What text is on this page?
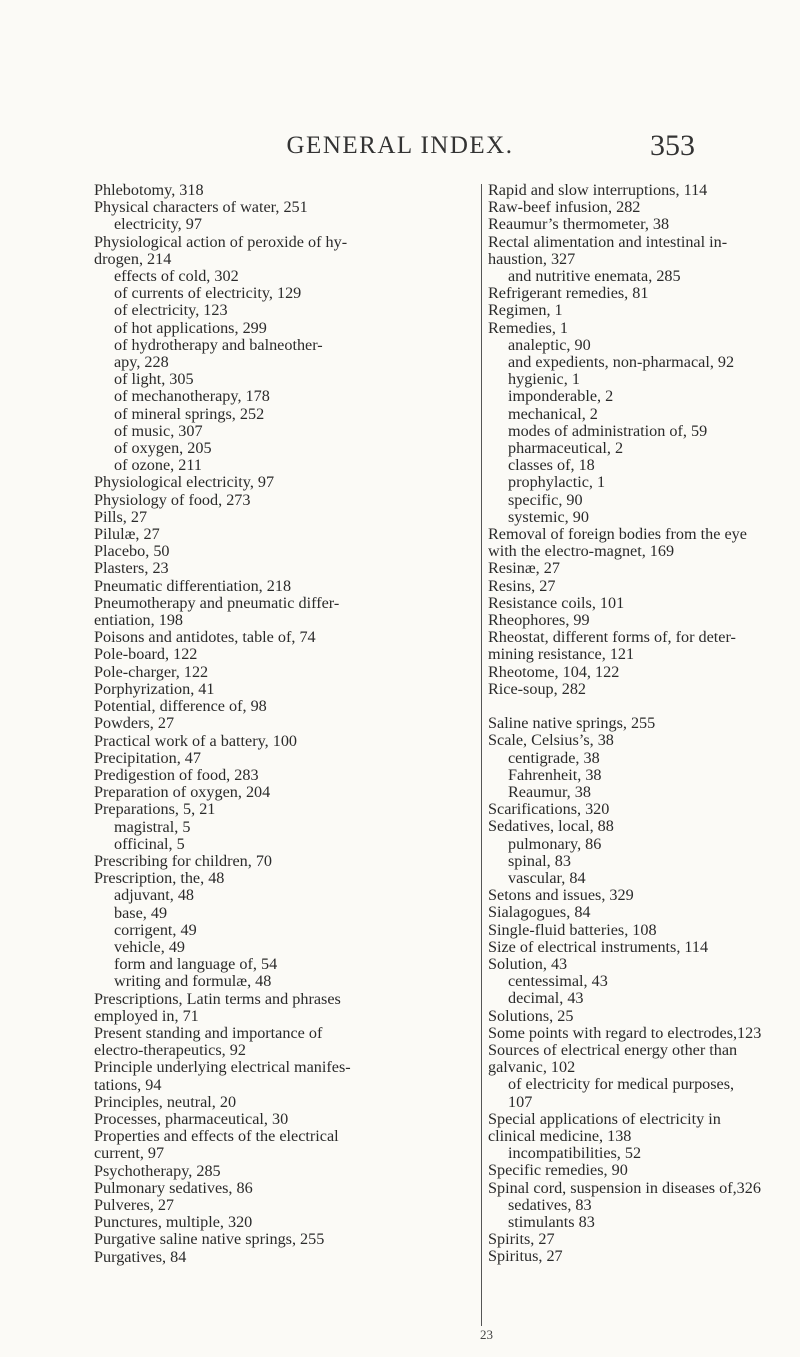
GENERAL INDEX.	353
Phlebotomy, 318
Physical characters of water, 251
electricity, 97
Physiological action of peroxide of hy-
drogen, 214
effects of cold, 302
of currents of electricity, 129
of electricity, 123
of hot applications, 299
of hydrotherapy and balneother-
apy, 228
of light, 305
of mechanotherapy, 178
of mineral springs, 252
of music, 307
of oxygen, 205
of ozone, 211
Physiological electricity, 97
Physiology of food, 273
Pills, 27
Pilulæ, 27
Placebo, 50
Plasters, 23
Pneumatic differentiation, 218
Pneumotherapy and pneumatic differ-
entiation, 198
Poisons and antidotes, table of, 74
Pole-board, 122
Pole-charger, 122
Porphyrization, 41
Potential, difference of, 98
Powders, 27
Practical work of a battery, 100
Precipitation, 47
Predigestion of food, 283
Preparation of oxygen, 204
Preparations, 5, 21
magistral, 5
officinal, 5
Prescribing for children, 70
Prescription, the, 48
adjuvant, 48
base, 49
corrigent, 49
vehicle, 49
form and language of, 54
writing and formulæ, 48
Prescriptions, Latin terms and phrases
employed in, 71
Present standing and importance of
electro-therapeutics, 92
Principle underlying electrical manifes-
tations, 94
Principles, neutral, 20
Processes, pharmaceutical, 30
Properties and effects of the electrical
current, 97
Psychotherapy, 285
Pulmonary sedatives, 86
Pulveres, 27
Punctures, multiple, 320
Purgative saline native springs, 255
Purgatives, 84
Rapid and slow interruptions, 114
Raw-beef infusion, 282
Reaumur’s thermometer, 38
Rectal alimentation and intestinal in-
haustion, 327
and nutritive enemata, 285
Refrigerant remedies, 81
Regimen, 1
Remedies, 1
analeptic, 90
and expedients, non-pharmacal, 92
hygienic, 1
imponderable, 2
mechanical, 2
modes of administration of, 59
pharmaceutical, 2
classes of, 18
prophylactic, 1
specific, 90
systemic, 90
Removal of foreign bodies from the eye
with the electro-magnet, 169
Resinæ, 27
Resins, 27
Resistance coils, 101
Rheophores, 99
Rheostat, different forms of, for deter-
mining resistance, 121
Rheotome, 104, 122
Rice-soup, 282
Saline native springs, 255
Scale, Celsius’s, 38
centigrade, 38
Fahrenheit, 38
Reaumur, 38
Scarifications, 320
Sedatives, local, 88
pulmonary, 86
spinal, 83
vascular, 84
Setons and issues, 329
Sialagogues, 84
Single-fluid batteries, 108
Size of electrical instruments, 114
Solution, 43
centessimal, 43
decimal, 43
Solutions, 25
Some points with regard to electrodes,123
Sources of electrical energy other than
galvanic, 102
of electricity for medical purposes,
107
Special applications of electricity in
clinical medicine, 138
incompatibilities, 52
Specific remedies, 90
Spinal cord, suspension in diseases of,326
sedatives, 83
stimulants 83
Spirits, 27
Spiritus, 27
23
